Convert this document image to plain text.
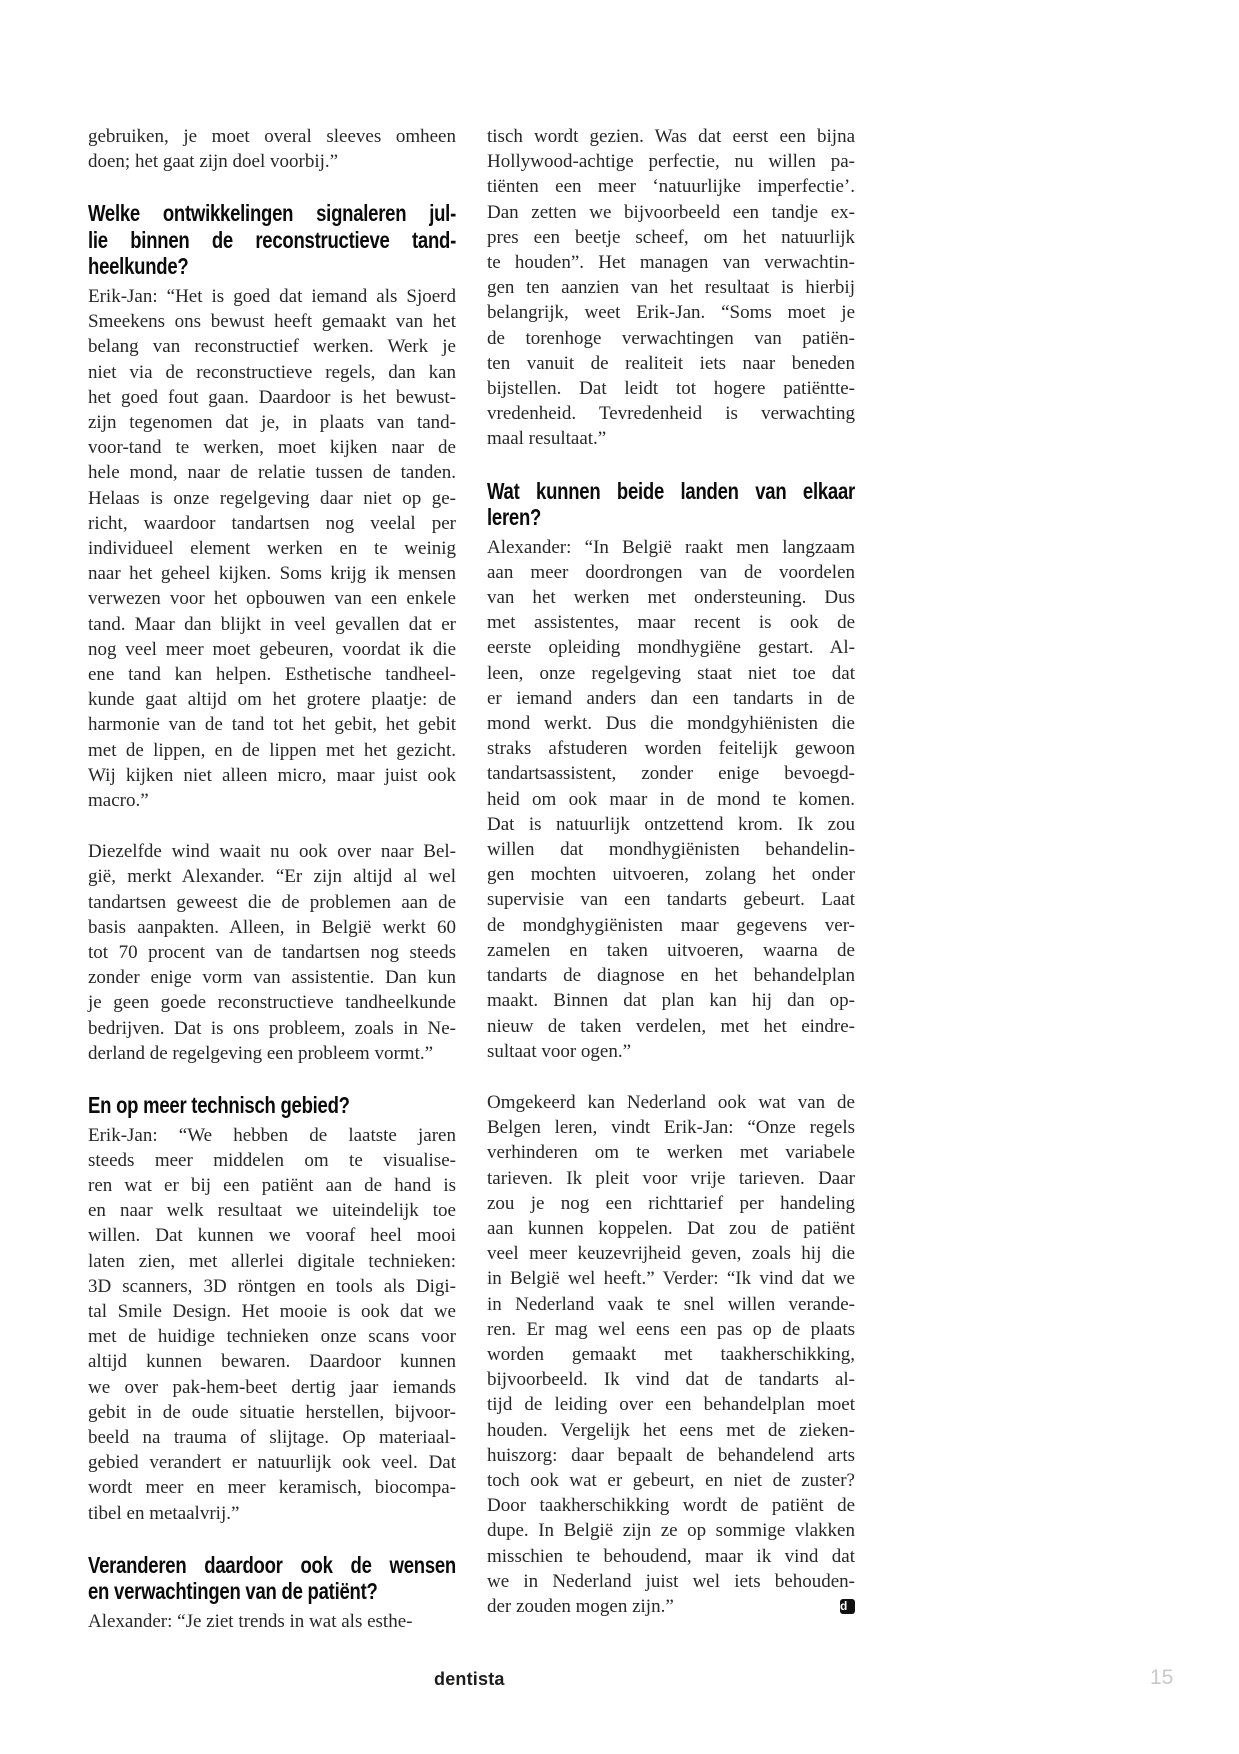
gebruiken, je moet overal sleeves omheen
doen; het gaat zijn doel voorbij.”
Welke ontwikkelingen signaleren jul-
lie binnen de reconstructieve tand-
heelkunde?
Erik-Jan: “Het is goed dat iemand als Sjoerd
Smeekens ons bewust heeft gemaakt van het
belang van reconstructief werken. Werk je
niet via de reconstructieve regels, dan kan
het goed fout gaan. Daardoor is het bewust-
zijn tegenomen dat je, in plaats van tand-
voor-tand te werken, moet kijken naar de
hele mond, naar de relatie tussen de tanden.
Helaas is onze regelgeving daar niet op ge-
richt, waardoor tandartsen nog veelal per
individueel element werken en te weinig
naar het geheel kijken. Soms krijg ik mensen
verwezen voor het opbouwen van een enkele
tand. Maar dan blijkt in veel gevallen dat er
nog veel meer moet gebeuren, voordat ik die
ene tand kan helpen. Esthetische tandheel-
kunde gaat altijd om het grotere plaatje: de
harmonie van de tand tot het gebit, het gebit
met de lippen, en de lippen met het gezicht.
Wij kijken niet alleen micro, maar juist ook
macro.”
Diezelfde wind waait nu ook over naar Bel-
gië, merkt Alexander. “Er zijn altijd al wel
tandartsen geweest die de problemen aan de
basis aanpakten. Alleen, in België werkt 60
tot 70 procent van de tandartsen nog steeds
zonder enige vorm van assistentie. Dan kun
je geen goede reconstructieve tandheelkunde
bedrijven. Dat is ons probleem, zoals in Ne-
derland de regelgeving een probleem vormt.”
En op meer technisch gebied?
Erik-Jan: “We hebben de laatste jaren
steeds meer middelen om te visualise-
ren wat er bij een patiënt aan de hand is
en naar welk resultaat we uiteindelijk toe
willen. Dat kunnen we vooraf heel mooi
laten zien, met allerlei digitale technieken:
3D scanners, 3D röntgen en tools als Digi-
tal Smile Design. Het mooie is ook dat we
met de huidige technieken onze scans voor
altijd kunnen bewaren. Daardoor kunnen
we over pak-hem-beet dertig jaar iemands
gebit in de oude situatie herstellen, bijvoor-
beeld na trauma of slijtage. Op materiaal-
gebied verandert er natuurlijk ook veel. Dat
wordt meer en meer keramisch, biocompa-
tibel en metaalvrij.”
Veranderen daardoor ook de wensen
en verwachtingen van de patiënt?
Alexander: “Je ziet trends in wat als esthe-
tisch wordt gezien. Was dat eerst een bijna
Hollywood-achtige perfectie, nu willen pa-
tiënten een meer ‘natuurlijke imperfectie’.
Dan zetten we bijvoorbeeld een tandje ex-
pres een beetje scheef, om het natuurlijk
te houden”. Het managen van verwachtin-
gen ten aanzien van het resultaat is hierbij
belangrijk, weet Erik-Jan. “Soms moet je
de torenhoge verwachtingen van patiën-
ten vanuit de realiteit iets naar beneden
bijstellen. Dat leidt tot hogere patiëntte-
vredenheid. Tevredenheid is verwachting
maal resultaat.”
Wat kunnen beide landen van elkaar
leren?
Alexander: “In België raakt men langzaam
aan meer doordrongen van de voordelen
van het werken met ondersteuning. Dus
met assistentes, maar recent is ook de
eerste opleiding mondhygiëne gestart. Al-
leen, onze regelgeving staat niet toe dat
er iemand anders dan een tandarts in de
mond werkt. Dus die mondgyhiënisten die
straks afstuderen worden feitelijk gewoon
tandartsassistent, zonder enige bevoegd-
heid om ook maar in de mond te komen.
Dat is natuurlijk ontzettend krom. Ik zou
willen dat mondhygiënisten behandelin-
gen mochten uitvoeren, zolang het onder
supervisie van een tandarts gebeurt. Laat
de mondghygiënisten maar gegevens ver-
zamelen en taken uitvoeren, waarna de
tandarts de diagnose en het behandelplan
maakt. Binnen dat plan kan hij dan op-
nieuw de taken verdelen, met het eindre-
sultaat voor ogen.”
Omgekeerd kan Nederland ook wat van de
Belgen leren, vindt Erik-Jan: “Onze regels
verhinderen om te werken met variabele
tarieven. Ik pleit voor vrije tarieven. Daar
zou je nog een richttarief per handeling
aan kunnen koppelen. Dat zou de patiënt
veel meer keuzevrijheid geven, zoals hij die
in België wel heeft.” Verder: “Ik vind dat we
in Nederland vaak te snel willen verande-
ren. Er mag wel eens een pas op de plaats
worden gemaakt met taakherschikking,
bijvoorbeeld. Ik vind dat de tandarts al-
tijd de leiding over een behandelplan moet
houden. Vergelijk het eens met de zieken-
huiszorg: daar bepaalt de behandelend arts
toch ook wat er gebeurt, en niet de zuster?
Door taakherschikking wordt de patiënt de
dupe. In België zijn ze op sommige vlakken
misschien te behoudend, maar ik vind dat
we in Nederland juist wel iets behouden-
der zouden mogen zijn.”	d
dentista	15
